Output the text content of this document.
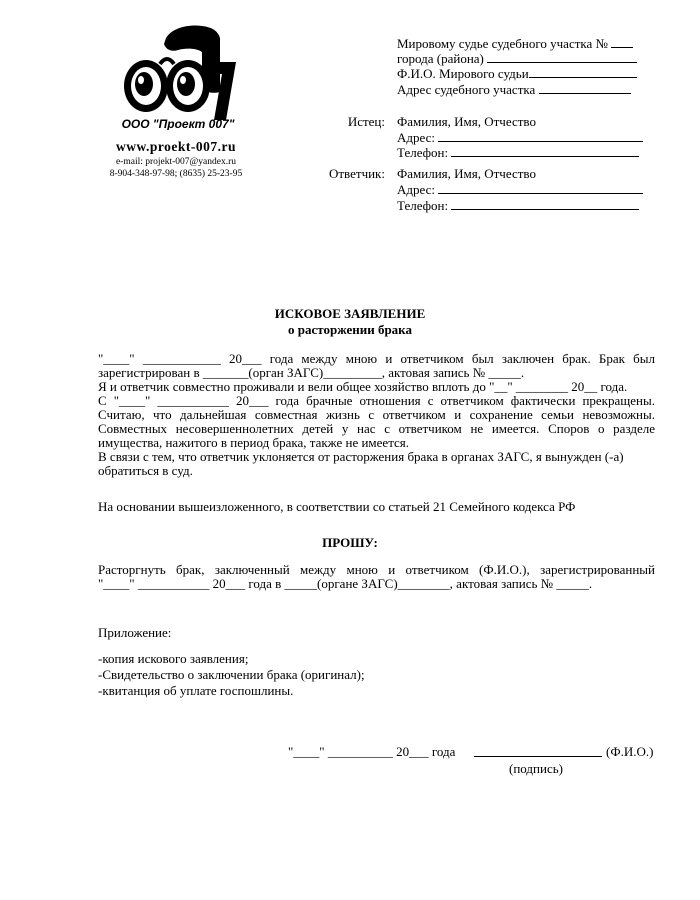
ООО "Проект 007"
www.proekt-007.ru
e-mail: projekt-007@yandex.ru
8-904-348-97-98; (8635) 25-23-95
Мировому судье судебного участка №
города (района)
Ф.И.О. Мирового судьи
Адрес судебного участка
Истец: Фамилия, Имя, Отчество
Адрес:
Телефон:
Ответчик: Фамилия, Имя, Отчество
Адрес:
Телефон:
ИСКОВОЕ ЗАЯВЛЕНИЕ
о расторжении брака

"____" ____________ 20___ года между мною и ответчиком был заключен брак. Брак был

зарегистрирован в _______(орган ЗАГС)_________, актовая запись № _____.

Я и ответчик совместно проживали и вели общее хозяйство вплоть до "__" ________ 20__ года.

С "____" ___________ 20___ года брачные отношения с ответчиком фактически прекращены.

Считаю, что дальнейшая совместная жизнь с ответчиком и сохранение семьи невозможны.

Совместных несовершеннолетних детей у нас с ответчиком не имеется. Споров о разделе

имущества, нажитого в период брака, также не имеется.

В связи с тем, что ответчик уклоняется от расторжения брака в органах ЗАГС, я вынужден (-а)

обратиться в суд.

На основании вышеизложенного, в соответствии со статьей 21 Семейного кодекса РФ
ПРОШУ:

Расторгнуть брак, заключенный между мною и ответчиком (Ф.И.О.), зарегистрированный

"____" ___________ 20___ года в _____(органе ЗАГС)________, актовая запись № _____.

Приложение:

-копия искового заявления;

-Свидетельство о заключении брака (оригинал);

-квитанция об уплате госпошлины.

"____" __________ 20___ года	(Ф.И.О.)
(подпись)
